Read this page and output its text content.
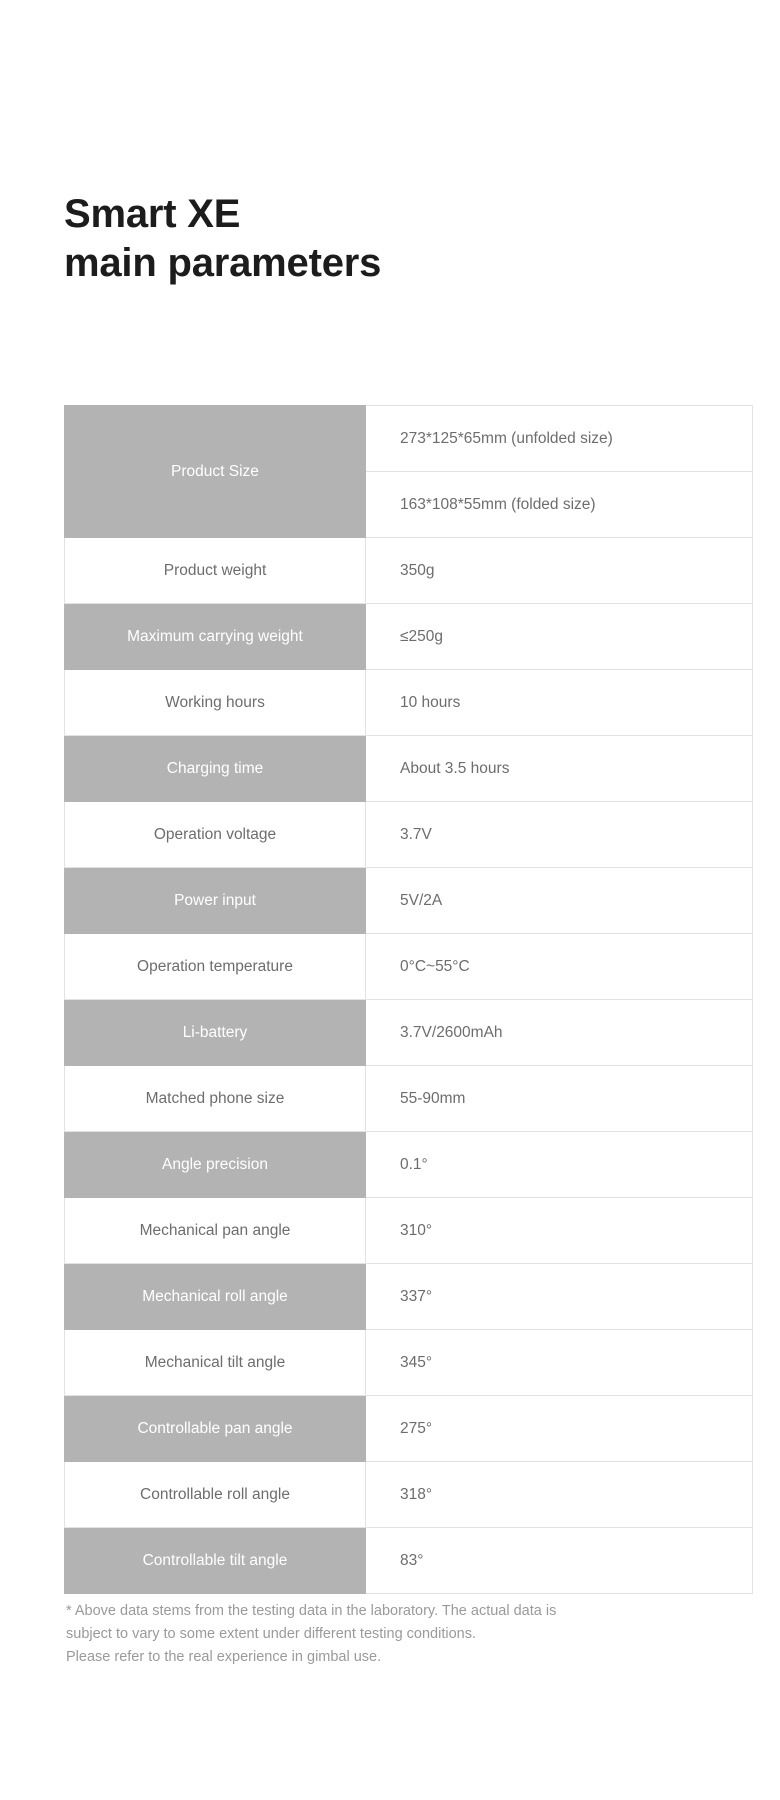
Smart XE
main parameters
Product Size	273*125*65mm (unfolded size)
	163*108*55mm (folded size)
Product weight	350g
Maximum carrying weight	≤250g
Working hours	10 hours
Charging time	About 3.5 hours
Operation voltage	3.7V
Power input	5V/2A
Operation temperature	0°C~55°C
Li-battery	3.7V/2600mAh
Matched phone size	55-90mm
Angle precision	0.1°
Mechanical pan angle	310°
Mechanical roll angle	337°
Mechanical tilt angle	345°
Controllable pan angle	275°
Controllable roll angle	318°
Controllable tilt angle	83°
* Above data stems from the testing data in the laboratory. The actual data is
subject to vary to some extent under different testing conditions.
Please refer to the real experience in gimbal use.
